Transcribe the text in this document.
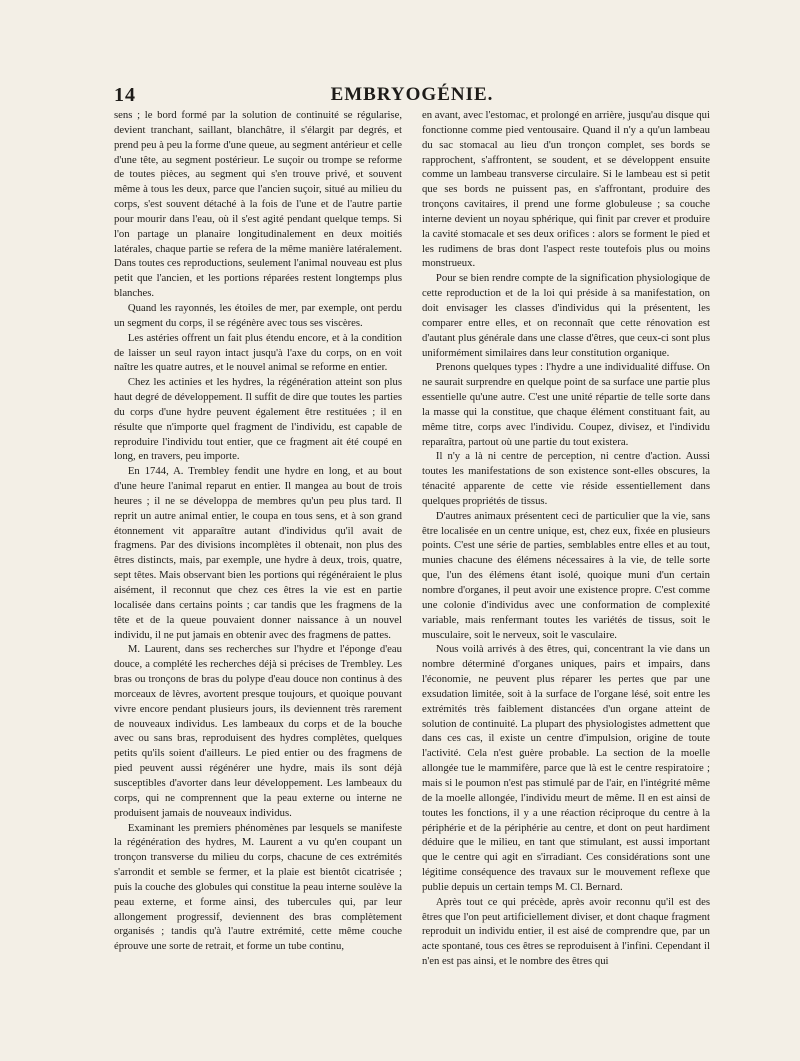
14	EMBRYOGÉNIE.

sens ; le bord formé par la solution de continuité se régularise, devient tranchant, saillant, blanchâtre, il s'élargit par degrés, et prend peu à peu la forme d'une queue, au segment antérieur et celle d'une tête, au segment postérieur. Le suçoir ou trompe se reforme de toutes pièces, au segment qui s'en trouve privé, et souvent même à tous les deux, parce que l'ancien suçoir, situé au milieu du corps, s'est souvent détaché à la fois de l'une et de l'autre partie pour mourir dans l'eau, où il s'est agité pendant quelque temps. Si l'on partage un planaire longitudinalement en deux moitiés latérales, chaque partie se refera de la même manière latéralement. Dans toutes ces reproductions, seulement l'animal nouveau est plus petit que l'ancien, et les portions réparées restent longtemps plus blanches.

Quand les rayonnés, les étoiles de mer, par exemple, ont perdu un segment du corps, il se régénère avec tous ses viscères.

Les astéries offrent un fait plus étendu encore, et à la condition de laisser un seul rayon intact jusqu'à l'axe du corps, on en voit naître les quatre autres, et le nouvel animal se reforme en entier.

Chez les actinies et les hydres, la régénération atteint son plus haut degré de développement. Il suffit de dire que toutes les parties du corps d'une hydre peuvent également être restituées ; il en résulte que n'importe quel fragment de l'individu, est capable de reproduire l'individu tout entier, que ce fragment ait été coupé en long, en travers, peu importe.

En 1744, A. Trembley fendit une hydre en long, et au bout d'une heure l'animal reparut en entier. Il mangea au bout de trois heures ; il ne se développa de membres qu'un peu plus tard. Il reprit un autre animal entier, le coupa en tous sens, et à son grand étonnement vit apparaître autant d'individus qu'il avait de fragmens. Par des divisions incomplètes il obtenait, non plus des êtres distincts, mais, par exemple, une hydre à deux, trois, quatre, sept têtes. Mais observant bien les portions qui régénéraient le plus aisément, il reconnut que chez ces êtres la vie est en partie localisée dans certains points ; car tandis que les fragmens de la tête et de la queue pouvaient donner naissance à un nouvel individu, il ne put jamais en obtenir avec des fragmens de pattes.

M. Laurent, dans ses recherches sur l'hydre et l'éponge d'eau douce, a complété les recherches déjà si précises de Trembley. Les bras ou tronçons de bras du polype d'eau douce non continus à des morceaux de lèvres, avortent presque toujours, et quoique pouvant vivre encore pendant plusieurs jours, ils deviennent très rarement de nouveaux individus. Les lambeaux du corps et de la bouche avec ou sans bras, reproduisent des hydres complètes, quelques petits qu'ils soient d'ailleurs. Le pied entier ou des fragmens de pied peuvent aussi régénérer une hydre, mais ils sont déjà susceptibles d'avorter dans leur développement. Les lambeaux du corps, qui ne comprennent que la peau externe ou interne ne produisent jamais de nouveaux individus.

Examinant les premiers phénomènes par lesquels se manifeste la régénération des hydres, M. Laurent a vu qu'en coupant un tronçon transverse du milieu du corps, chacune de ces extrémités s'arrondit et semble se fermer, et la plaie est bientôt cicatrisée ; puis la couche des globules qui constitue la peau interne soulève la peau externe, et forme ainsi, des tubercules qui, par leur allongement progressif, deviennent des bras complètement organisés ; tandis qu'à l'autre extrémité, cette même couche éprouve une sorte de retrait, et forme un tube continu,

en avant, avec l'estomac, et prolongé en arrière, jusqu'au disque qui fonctionne comme pied ventousaire. Quand il n'y a qu'un lambeau du sac stomacal au lieu d'un tronçon complet, ses bords se rapprochent, s'affrontent, se soudent, et se développent ensuite comme un lambeau transverse circulaire. Si le lambeau est si petit que ses bords ne puissent pas, en s'affrontant, produire des tronçons cavitaires, il prend une forme globuleuse ; sa couche interne devient un noyau sphérique, qui finit par crever et produire la cavité stomacale et ses deux orifices : alors se forment le pied et les rudimens de bras dont l'aspect reste toutefois plus ou moins monstrueux.

Pour se bien rendre compte de la signification physiologique de cette reproduction et de la loi qui préside à sa manifestation, on doit envisager les classes d'individus qui la présentent, les comparer entre elles, et on reconnaît que cette rénovation est d'autant plus générale dans une classe d'êtres, que ceux-ci sont plus uniformément similaires dans leur constitution organique.

Prenons quelques types : l'hydre a une individualité diffuse. On ne saurait surprendre en quelque point de sa surface une partie plus essentielle qu'une autre. C'est une unité répartie de telle sorte dans la masse qui la constitue, que chaque élément constituant fait, au même titre, corps avec l'individu. Coupez, divisez, et l'individu reparaîtra, partout où une partie du tout existera.

Il n'y a là ni centre de perception, ni centre d'action. Aussi toutes les manifestations de son existence sont-elles obscures, la ténacité apparente de cette vie réside essentiellement dans quelques propriétés de tissus.

D'autres animaux présentent ceci de particulier que la vie, sans être localisée en un centre unique, est, chez eux, fixée en plusieurs points. C'est une série de parties, semblables entre elles et au tout, munies chacune des élémens nécessaires à la vie, de telle sorte que, l'un des élémens étant isolé, quoique muni d'un certain nombre d'organes, il peut avoir une existence propre. C'est comme une colonie d'individus avec une conformation de complexité variable, mais renfermant toutes les variétés de tissus, soit le musculaire, soit le nerveux, soit le vasculaire.

Nous voilà arrivés à des êtres, qui, concentrant la vie dans un nombre déterminé d'organes uniques, pairs et impairs, dans l'économie, ne peuvent plus réparer les pertes que par une exsudation limitée, soit à la surface de l'organe lésé, soit entre les extrémités très faiblement distancées d'un organe atteint de solution de continuité. La plupart des physiologistes admettent que dans ces cas, il existe un centre d'impulsion, origine de toute l'activité. Cela n'est guère probable. La section de la moelle allongée tue le mammifère, parce que là est le centre respiratoire ; mais si le poumon n'est pas stimulé par de l'air, en l'intégrité même de la moelle allongée, l'individu meurt de même. Il en est ainsi de toutes les fonctions, il y a une réaction réciproque du centre à la périphérie et de la périphérie au centre, et dont on peut hardiment déduire que le milieu, en tant que stimulant, est aussi important que le centre qui agit en s'irradiant. Ces considérations sont une légitime conséquence des travaux sur le mouvement reflexe que publie depuis un certain temps M. Cl. Bernard.

Après tout ce qui précède, après avoir reconnu qu'il est des êtres que l'on peut artificiellement diviser, et dont chaque fragment reproduit un individu entier, il est aisé de comprendre que, par un acte spontané, tous ces êtres se reproduisent à l'infini. Cependant il n'en est pas ainsi, et le nombre des êtres qui
